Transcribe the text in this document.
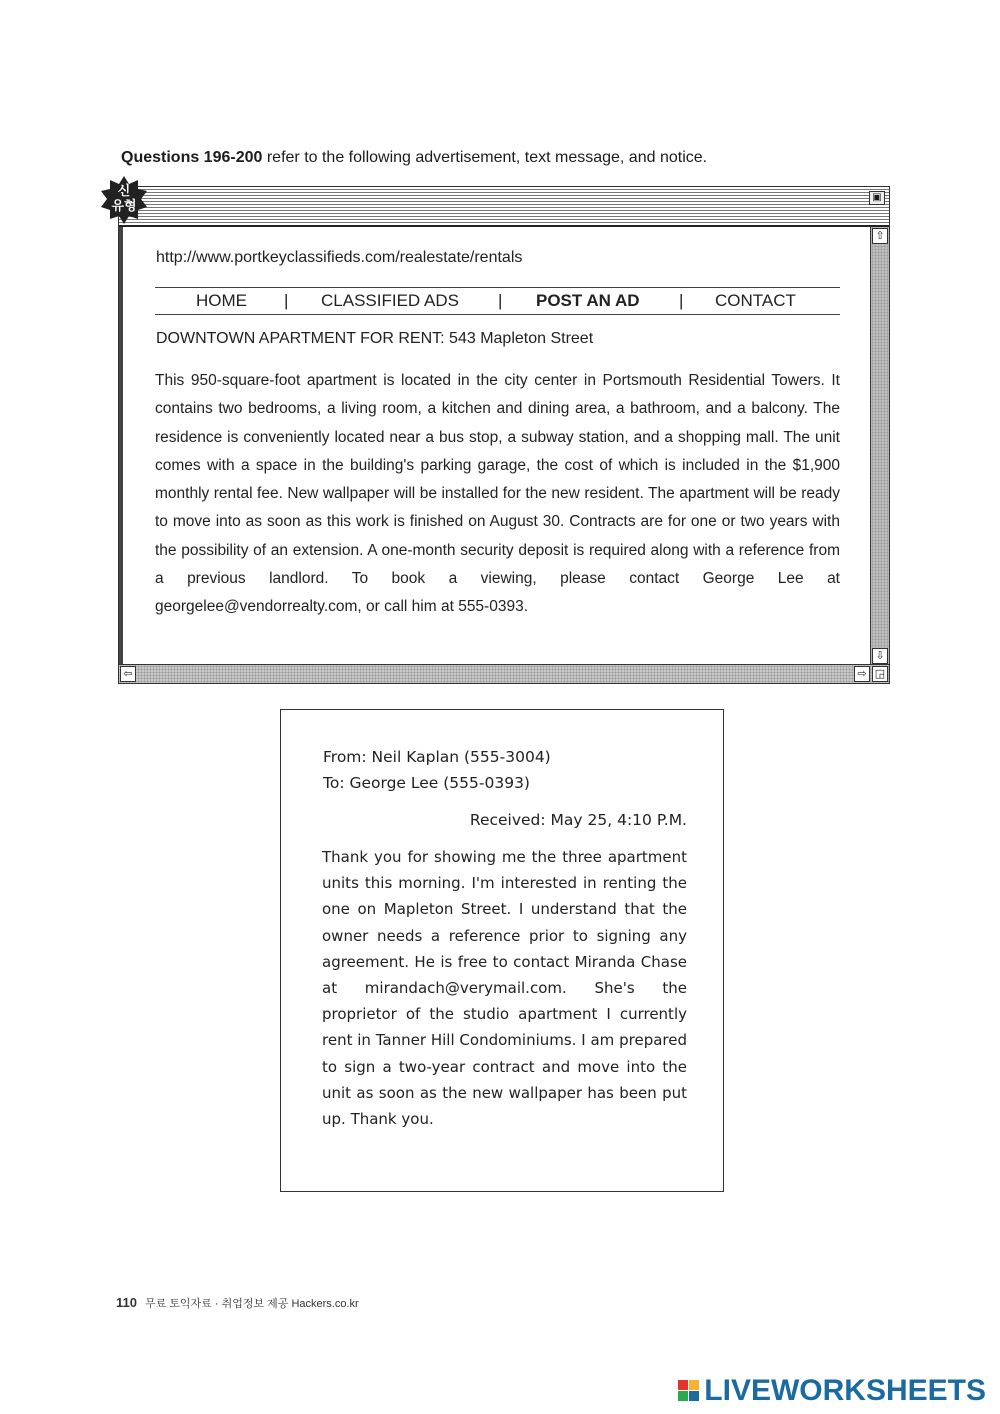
Questions 196-200 refer to the following advertisement, text message, and notice.
신
유형
▣
⇧
⇩
⇦	⇨ ◲
http://www.portkeyclassifieds.com/realestate/rentals
HOME | CLASSIFIED ADS | POST AN AD | CONTACT
DOWNTOWN APARTMENT FOR RENT: 543 Mapleton Street
This 950-square-foot apartment is located in the city center in Portsmouth Residential Towers. It contains two bedrooms, a living room, a kitchen and dining area, a bathroom, and a balcony. The residence is conveniently located near a bus stop, a subway station, and a shopping mall. The unit comes with a space in the building's parking garage, the cost of which is included in the $1,900 monthly rental fee. New wallpaper will be installed for the new resident. The apartment will be ready to move into as soon as this work is finished on August 30. Contracts are for one or two years with the possibility of an extension. A one-month security deposit is required along with a reference from a previous landlord. To book a viewing, please contact George Lee at georgelee@vendorrealty.com, or call him at 555-0393.
From: Neil Kaplan (555-3004)
To: George Lee (555-0393)
Received: May 25, 4:10 P.M.
Thank you for showing me the three apartment units this morning. I'm interested in renting the one on Mapleton Street. I understand that the owner needs a reference prior to signing any agreement. He is free to contact Miranda Chase at mirandach@verymail.com. She's the proprietor of the studio apartment I currently rent in Tanner Hill Condominiums. I am prepared to sign a two-year contract and move into the unit as soon as the new wallpaper has been put up. Thank you.
110 무료 토익자료 · 취업정보 제공 Hackers.co.kr
LIVEWORKSHEETS
